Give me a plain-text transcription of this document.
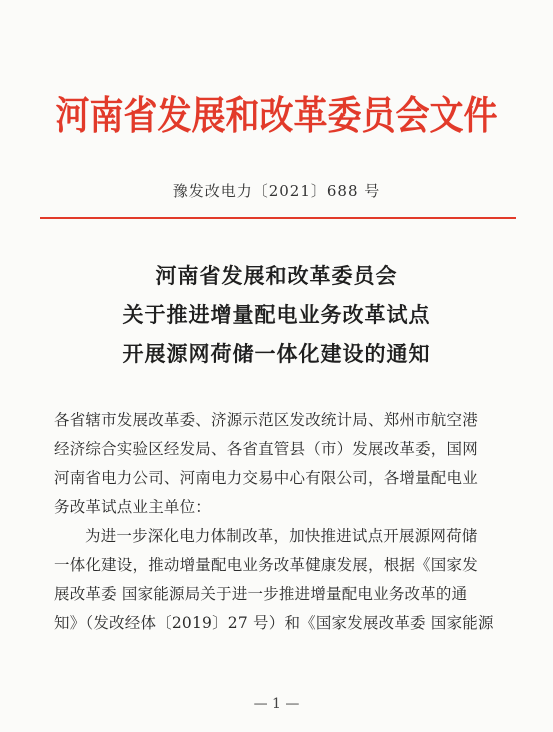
河南省发展和改革委员会文件
豫发改电力〔2021〕688 号
河南省发展和改革委员会
关于推进增量配电业务改革试点
开展源网荷储一体化建设的通知
各省辖市发展改革委、济源示范区发改统计局、郑州市航空港
经济综合实验区经发局、各省直管县（市）发展改革委，国网
河南省电力公司、河南电力交易中心有限公司，各增量配电业
务改革试点业主单位：
为进一步深化电力体制改革，加快推进试点开展源网荷储
一体化建设，推动增量配电业务改革健康发展，根据《国家发
展改革委 国家能源局关于进一步推进增量配电业务改革的通
知》（发改经体〔2019〕27 号）和《国家发展改革委 国家能源
— 1 —
